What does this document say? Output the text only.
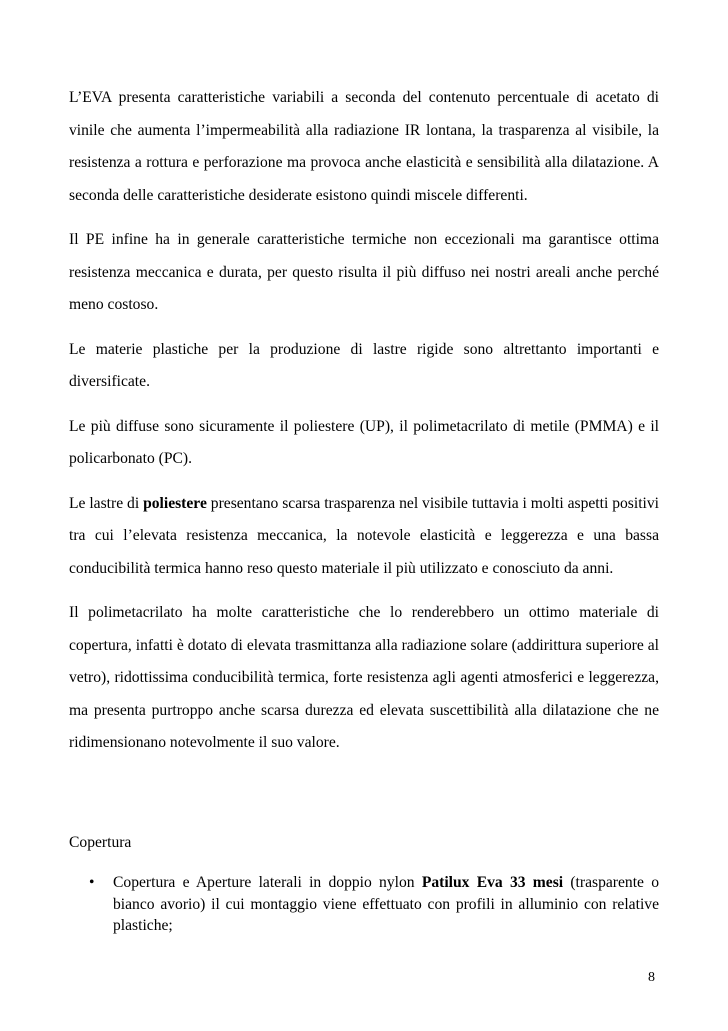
L’EVA presenta caratteristiche variabili a seconda del contenuto percentuale di acetato di vinile che aumenta l’impermeabilità alla radiazione IR lontana, la trasparenza al visibile, la resistenza a rottura e perforazione ma provoca anche elasticità e sensibilità alla dilatazione. A seconda delle caratteristiche desiderate esistono quindi miscele differenti.

Il PE infine ha in generale caratteristiche termiche non eccezionali ma garantisce ottima resistenza meccanica e durata, per questo risulta il più diffuso nei nostri areali anche perché meno costoso.

Le materie plastiche per la produzione di lastre rigide sono altrettanto importanti e diversificate.

Le più diffuse sono sicuramente il poliestere (UP), il polimetacrilato di metile (PMMA) e il policarbonato (PC).

Le lastre di poliestere presentano scarsa trasparenza nel visibile tuttavia i molti aspetti positivi tra cui l’elevata resistenza meccanica, la notevole elasticità e leggerezza e una bassa conducibilità termica hanno reso questo materiale il più utilizzato e conosciuto da anni.

Il polimetacrilato ha molte caratteristiche che lo renderebbero un ottimo materiale di copertura, infatti è dotato di elevata trasmittanza alla radiazione solare (addirittura superiore al vetro), ridottissima conducibilità termica, forte resistenza agli agenti atmosferici e leggerezza, ma presenta purtroppo anche scarsa durezza ed elevata suscettibilità alla dilatazione che ne ridimensionano notevolmente il suo valore.

Copertura
• Copertura e Aperture laterali in doppio nylon Patilux Eva 33 mesi (trasparente o bianco avorio) il cui montaggio viene effettuato con profili in alluminio con relative plastiche;
8
